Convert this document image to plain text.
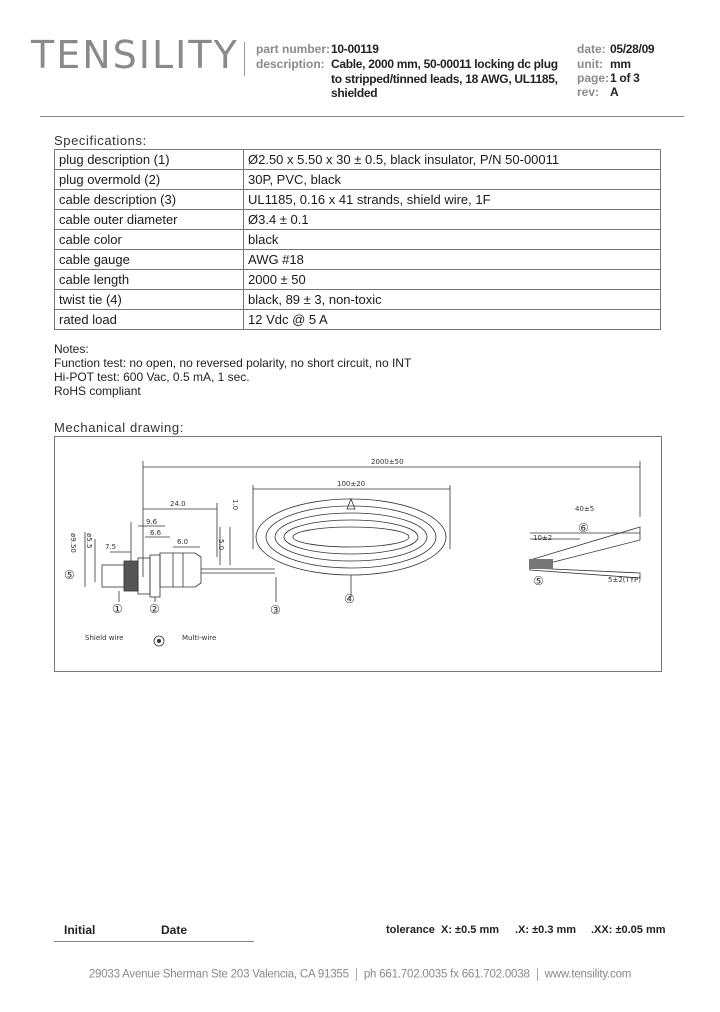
TENSILITY part number: 10-00119
description: Cable, 2000 mm, 50-00011 locking dc plug
to stripped/tinned leads, 18 AWG, UL1185,
shielded
date: 05/28/09
unit: mm
page: 1 of 3
rev: A
Specifications:
plug description (1)	Ø2.50 x 5.50 x 30 ± 0.5, black insulator, P/N 50-00011
plug overmold (2)	30P, PVC, black
cable description (3)	UL1185, 0.16 x 41 strands, shield wire, 1F
cable outer diameter	Ø3.4 ± 0.1
cable color	black
cable gauge	AWG #18
cable length	2000 ± 50
twist tie (4)	black, 89 ± 3, non-toxic
rated load	12 Vdc @ 5 A
Notes:
Function test: no open, no reversed polarity, no short circuit, no INT
Hi-POT test: 600 Vac, 0.5 mA, 1 sec.
RoHS compliant
Mechanical drawing:
2000±50
100±20
24.0
9.6
6.6
7.5
6.0
1.0
5.0
ø9.50 ø5.5
40±5
10±2
5±2(TYP)
① ②	③
④
⑤	⑤
⑥
Shield wire	Multi-wire
Initial	Date	tolerance X: ±0.5 mm .X: ±0.3 mm .XX: ±0.05 mm
29033 Avenue Sherman Ste 203 Valencia, CA 91355 ph 661.702.0035 fx 661.702.0038 www.tensility.com
